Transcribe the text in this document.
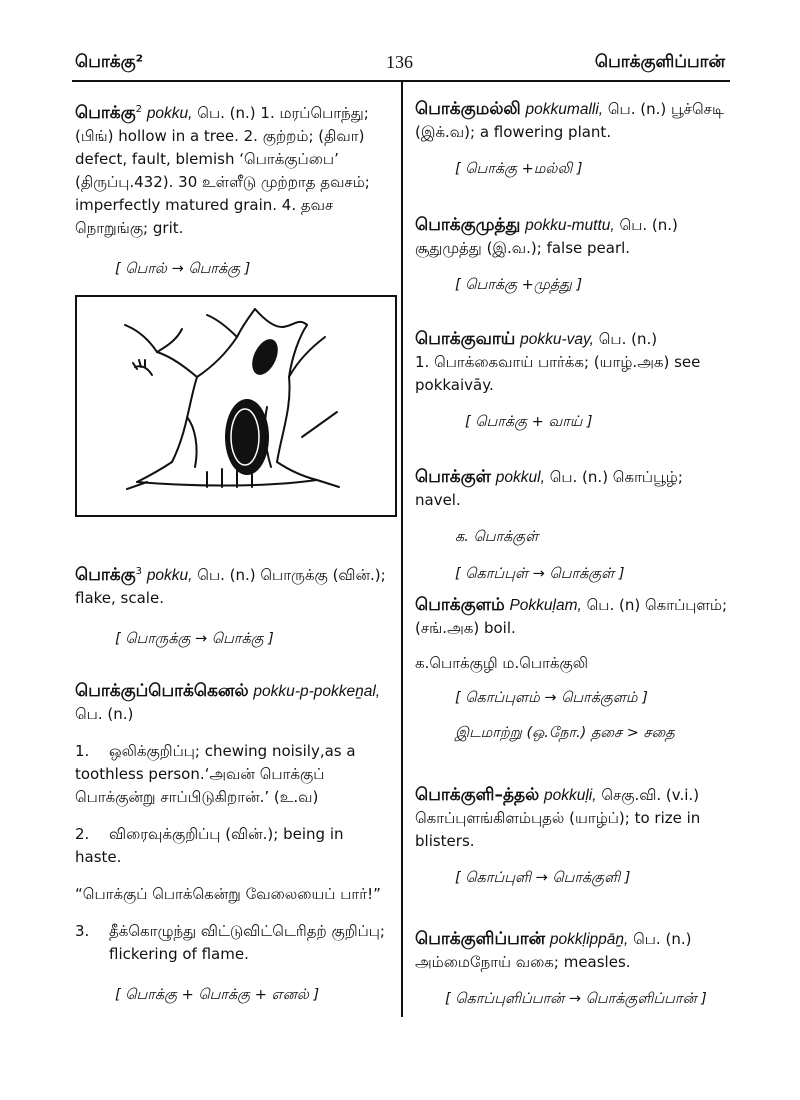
பொக்கு²	136	பொக்குளிப்பான்
பொக்கு$^2$ pokku, பெ. (n.) 1. மரப்பொந்து;
(பிங்) hollow in a tree. 2. குற்றம்; (திவா)
defect, fault, blemish ‘பொக்குப்பை’
(திருப்பு.432). 30 உள்ளீடு முற்றாத தவசம்;
imperfectly matured grain. 4. தவச
நொறுங்கு; grit.
[ பொல் → பொக்கு ]
பொக்கு$^3$ pokku, பெ. (n.) பொருக்கு (வின்.);
flake, scale.
[ பொருக்கு → பொக்கு ]
பொக்குப்பொக்கெனல் pokku-p-pokkeṉal,
பெ. (n.)
1. ஒலிக்குறிப்பு; chewing noisily,as a
toothless person.‘அவன் பொக்குப்
பொக்குன்று சாப்பிடுகிறான்.’ (உ.வ)
2. விரைவுக்குறிப்பு (வின்.); being in haste.
“பொக்குப் பொக்கென்று வேலையைப் பார்!”
3. தீக்கொழுந்து விட்டுவிட்டெரிதற் குறிப்பு;
flickering of flame.
[ பொக்கு + பொக்கு + எனல் ]
பொக்குமல்லி pokkumalli, பெ. (n.) பூச்செடி
(இக்.வ); a flowering plant.
[ பொக்கு +மல்லி ]
பொக்குமுத்து pokku-muttu, பெ. (n.)
சூதுமுத்து (இ.வ.); false pearl.
[ பொக்கு +முத்து ]
பொக்குவாய் pokku-vay, பெ. (n.)
1. பொக்கைவாய் பார்க்க; (யாழ்.அக) see
pokkaivāy.
[ பொக்கு + வாய் ]
பொக்குள் pokkul, பெ. (n.) கொப்பூழ்; navel.
க. பொக்குள்
[ கொப்புள் → பொக்குள் ]
பொக்குளம் Pokkuḷam, பெ. (n) கொப்புளம்;
(சங்.அக) boil.
க.பொக்குழி ம.பொக்குலி
[ கொப்புளம் → பொக்குளம் ]
இடமாற்று (ஒ.நோ.) தசை > சதை
பொக்குளி–த்தல் pokkuḷi, செகு.வி. (v.i.)
கொப்புளங்கிளம்புதல் (யாழ்ப்); to rize in
blisters.
[ கொப்புளி → பொக்குளி ]
பொக்குளிப்பான் pokkḷippāṉ, பெ. (n.)
அம்மைநோய் வகை; measles.
[ கொப்புளிப்பான் → பொக்குளிப்பான் ]
